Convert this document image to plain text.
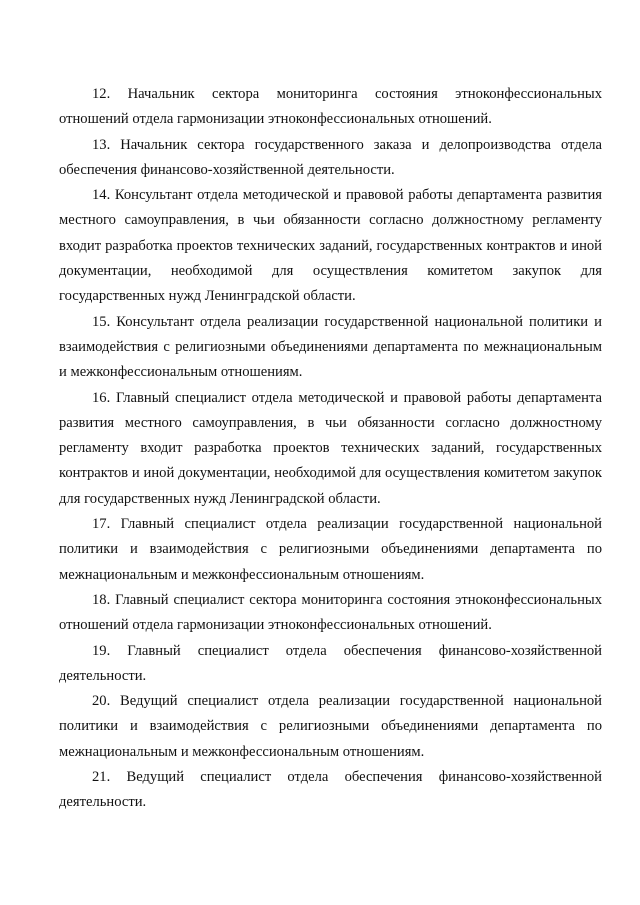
12. Начальник сектора мониторинга состояния этноконфессиональных отношений отдела гармонизации этноконфессиональных отношений.

13. Начальник сектора государственного заказа и делопроизводства отдела обеспечения финансово-хозяйственной деятельности.

14. Консультант отдела методической и правовой работы департамента развития местного самоуправления, в чьи обязанности согласно должностному регламенту входит разработка проектов технических заданий, государственных контрактов и иной документации, необходимой для осуществления комитетом закупок для государственных нужд Ленинградской области.

15. Консультант отдела реализации государственной национальной политики и взаимодействия с религиозными объединениями департамента по межнациональным и межконфессиональным отношениям.

16. Главный специалист отдела методической и правовой работы департамента развития местного самоуправления, в чьи обязанности согласно должностному регламенту входит разработка проектов технических заданий, государственных контрактов и иной документации, необходимой для осуществления комитетом закупок для государственных нужд Ленинградской области.

17. Главный специалист отдела реализации государственной национальной политики и взаимодействия с религиозными объединениями департамента по межнациональным и межконфессиональным отношениям.

18. Главный специалист сектора мониторинга состояния этноконфессиональных отношений отдела гармонизации этноконфессиональных отношений.

19. Главный специалист отдела обеспечения финансово-хозяйственной деятельности.

20. Ведущий специалист отдела реализации государственной национальной политики и взаимодействия с религиозными объединениями департамента по межнациональным и межконфессиональным отношениям.

21. Ведущий специалист отдела обеспечения финансово-хозяйственной деятельности.
